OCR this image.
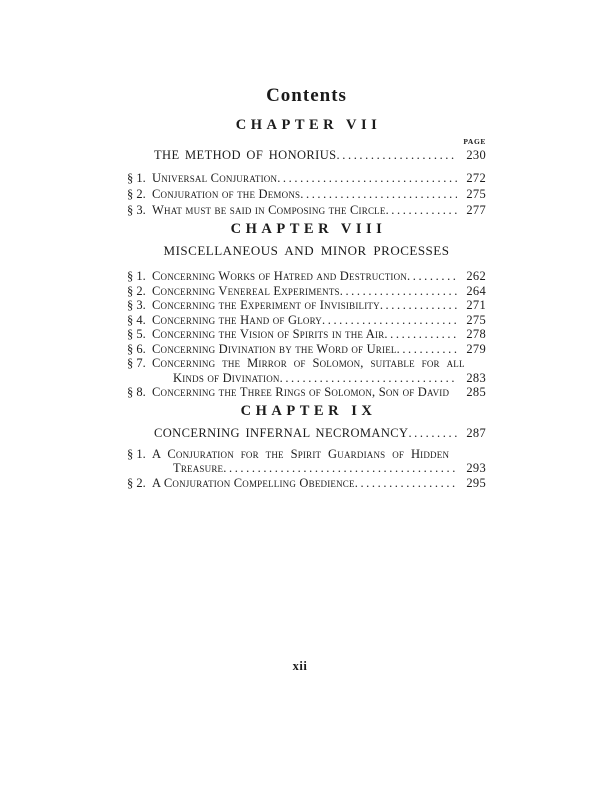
Contents
CHAPTER VII
PAGE
THE METHOD OF HONORIUS .....	230
§ 1. Universal Conjuration .....	272
§ 2. Conjuration of the Demons .....	275
§ 3. What must be said in Composing the Circle .....	277
CHAPTER VIII
MISCELLANEOUS AND MINOR PROCESSES
§ 1. Concerning Works of Hatred and Destruction .....	262
§ 2. Concerning Venereal Experiments .....	264
§ 3. Concerning the Experiment of Invisibility .....	271
§ 4. Concerning the Hand of Glory .....	275
§ 5. Concerning the Vision of Spirits in the Air .....	278
§ 6. Concerning Divination by the Word of Uriel .....	279
§ 7. Concerning the Mirror of Solomon, suitable for all
Kinds of Divination .....	283
§ 8. Concerning the Three Rings of Solomon, Son of David	285
CHAPTER IX
CONCERNING INFERNAL NECROMANCY .....	287
§ 1. A Conjuration for the Spirit Guardians of Hidden
Treasure .....	293
§ 2. A Conjuration Compelling Obedience .....	295
xii
